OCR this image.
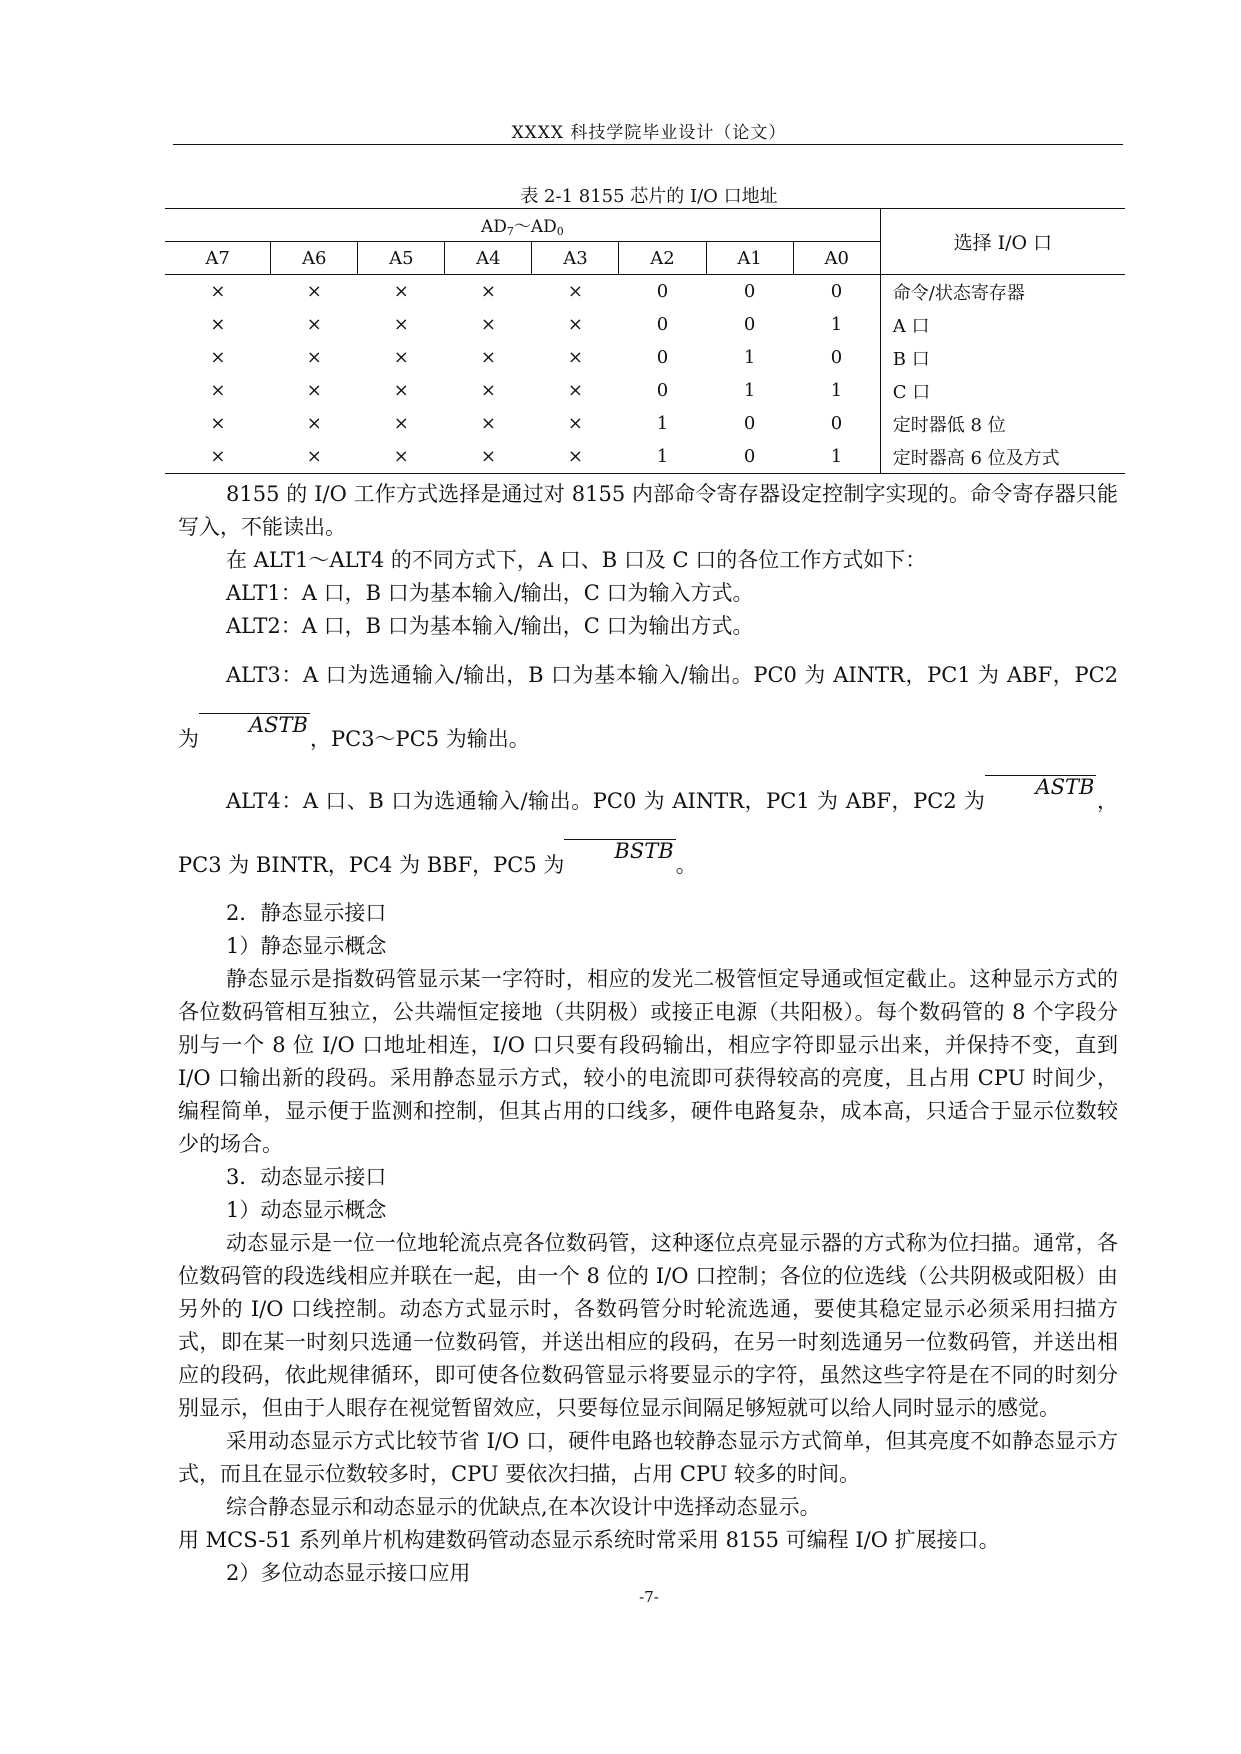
XXXX 科技学院毕业设计（论文）
表 2-1 8155 芯片的 I/O 口地址
$AD_7\sim AD_0$								选择 I/O 口
A7	A6	A5	A4	A3	A2	A1	A0	
×	×	×	×	×	0	0	0	命令/状态寄存器
×	×	×	×	×	0	0	1	A 口
×	×	×	×	×	0	1	0	B 口
×	×	×	×	×	0	1	1	C 口
×	×	×	×	×	1	0	0	定时器低 8 位
×	×	×	×	×	1	0	1	定时器高 6 位及方式

8155 的 I/O 工作方式选择是通过对 8155 内部命令寄存器设定控制字实现的。命令寄存器只能写入，不能读出。

在 ALT1～ALT4 的不同方式下，A 口、B 口及 C 口的各位工作方式如下：

ALT1：A 口，B 口为基本输入/输出，C 口为输入方式。

ALT2：A 口，B 口为基本输入/输出，C 口为输出方式。

ALT3：A 口为选通输入/输出，B 口为基本输入/输出。PC0 为 AINTR，PC1 为 ABF，PC2 为ASTB，PC3～PC5 为输出。

ALT4：A 口、B 口为选通输入/输出。PC0 为 AINTR，PC1 为 ABF，PC2 为ASTB，PC3 为 BINTR，PC4 为 BBF，PC5 为BSTB。

2．静态显示接口

1）静态显示概念

静态显示是指数码管显示某一字符时，相应的发光二极管恒定导通或恒定截止。这种显示方式的各位数码管相互独立，公共端恒定接地（共阴极）或接正电源（共阳极）。每个数码管的 8 个字段分别与一个 8 位 I/O 口地址相连，I/O 口只要有段码输出，相应字符即显示出来，并保持不变，直到 I/O 口输出新的段码。采用静态显示方式，较小的电流即可获得较高的亮度，且占用 CPU 时间少，编程简单，显示便于监测和控制，但其占用的口线多，硬件电路复杂，成本高，只适合于显示位数较少的场合。

3．动态显示接口

1）动态显示概念

动态显示是一位一位地轮流点亮各位数码管，这种逐位点亮显示器的方式称为位扫描。通常，各位数码管的段选线相应并联在一起，由一个 8 位的 I/O 口控制；各位的位选线（公共阴极或阳极）由另外的 I/O 口线控制。动态方式显示时，各数码管分时轮流选通，要使其稳定显示必须采用扫描方式，即在某一时刻只选通一位数码管，并送出相应的段码，在另一时刻选通另一位数码管，并送出相应的段码，依此规律循环，即可使各位数码管显示将要显示的字符，虽然这些字符是在不同的时刻分别显示，但由于人眼存在视觉暂留效应，只要每位显示间隔足够短就可以给人同时显示的感觉。

采用动态显示方式比较节省 I/O 口，硬件电路也较静态显示方式简单，但其亮度不如静态显示方式，而且在显示位数较多时，CPU 要依次扫描，占用 CPU 较多的时间。

综合静态显示和动态显示的优缺点,在本次设计中选择动态显示。

用 MCS-51 系列单片机构建数码管动态显示系统时常采用 8155 可编程 I/O 扩展接口。

2）多位动态显示接口应用

-7-
